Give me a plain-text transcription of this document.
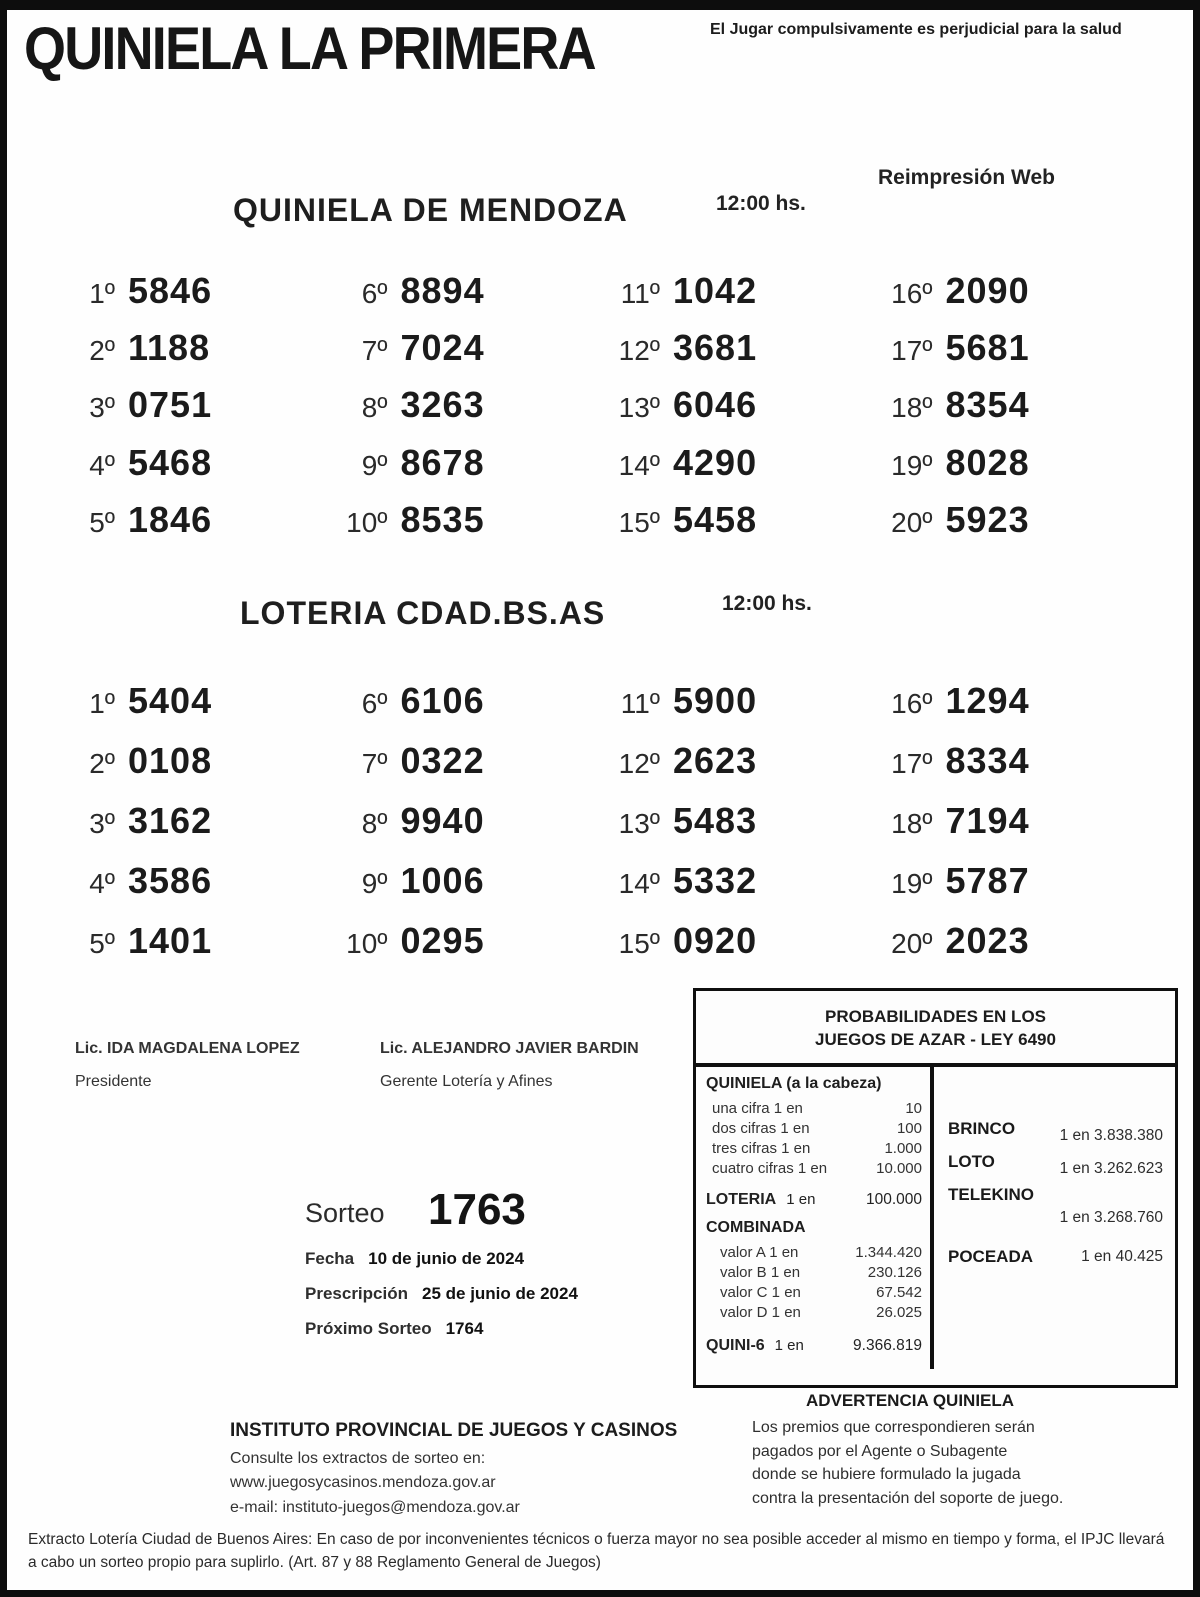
QUINIELA LA PRIMERA	El Jugar compulsivamente es perjudicial para la salud
Reimpresión Web
QUINIELA DE MENDOZA	12:00 hs.
1º 5846
2º 1188
3º 0751
4º 5468
5º 1846
6º 8894
7º 7024
8º 3263
9º 8678
10º 8535
11º 1042
12º 3681
13º 6046
14º 4290
15º 5458
16º 2090
17º 5681
18º 8354
19º 8028
20º 5923
LOTERIA CDAD.BS.AS	12:00 hs.
1º 5404
2º 0108
3º 3162
4º 3586
5º 1401
6º 6106
7º 0322
8º 9940
9º 1006
10º 0295
11º 5900
12º 2623
13º 5483
14º 5332
15º 0920
16º 1294
17º 8334
18º 7194
19º 5787
20º 2023
Lic. IDA MAGDALENA LOPEZ
Presidente
Lic. ALEJANDRO JAVIER BARDIN
Gerente Lotería y Afines
Sorteo 1763
Fecha 10 de junio de 2024
Prescripción 25 de junio de 2024
Próximo Sorteo 1764
PROBABILIDADES EN LOS
JUEGOS DE AZAR - LEY 6490
QUINIELA (a la cabeza)
una cifra 1 en	10
dos cifras 1 en	100
tres cifras 1 en	1.000
cuatro cifras 1 en	10.000
LOTERIA 1 en	100.000
COMBINADA
valor A 1 en	1.344.420
valor B 1 en	230.126
valor C 1 en	67.542
valor D 1 en	26.025
QUINI-6 1 en	9.366.819
BRINCO	1 en 3.838.380
LOTO	1 en 3.262.623
TELEKINO
1 en 3.268.760
POCEADA	1 en 40.425
ADVERTENCIA QUINIELA
Los premios que correspondieren serán
pagados por el Agente o Subagente
donde se hubiere formulado la jugada
contra la presentación del soporte de juego.
INSTITUTO PROVINCIAL DE JUEGOS Y CASINOS
Consulte los extractos de sorteo en:
www.juegosycasinos.mendoza.gov.ar
e-mail: instituto-juegos@mendoza.gov.ar
Extracto Lotería Ciudad de Buenos Aires: En caso de por inconvenientes técnicos o fuerza mayor no sea posible acceder al mismo en tiempo y forma, el IPJC llevará a cabo un sorteo propio para suplirlo. (Art. 87 y 88 Reglamento General de Juegos)
